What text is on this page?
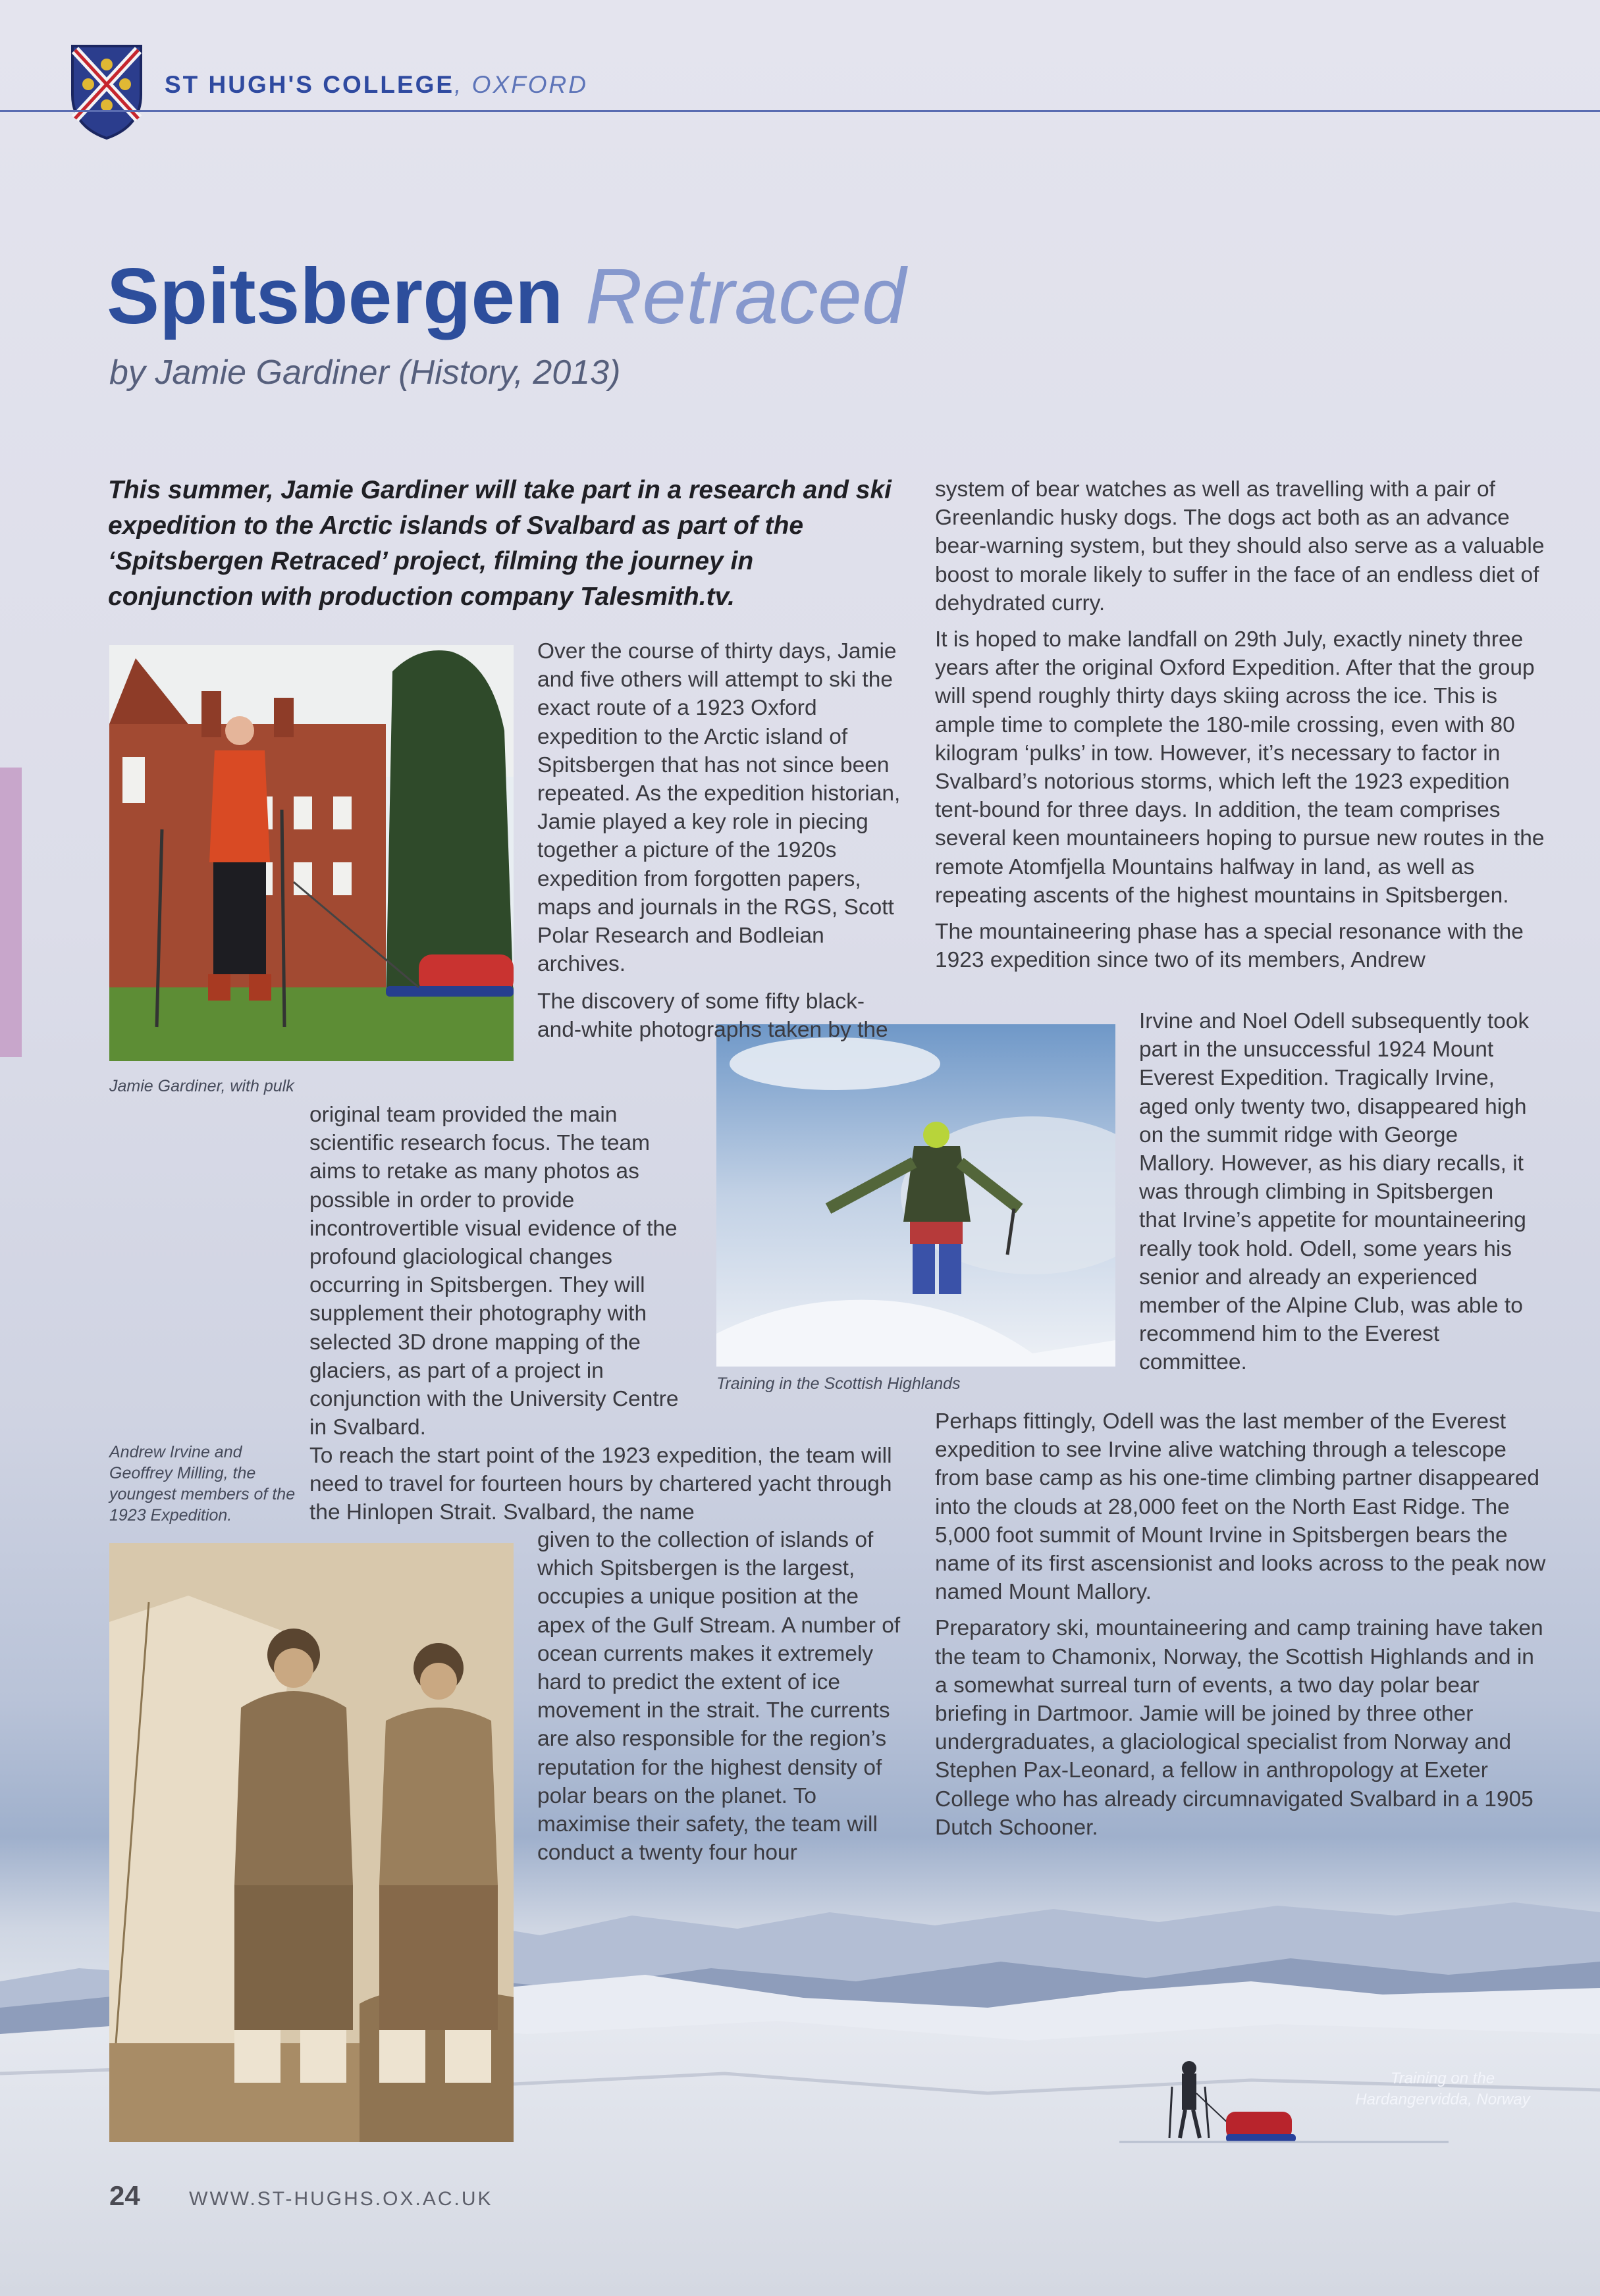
ST HUGH'S COLLEGE, OXFORD
Spitsbergen Retraced
by Jamie Gardiner (History, 2013)
This summer, Jamie Gardiner will take part in a research and ski expedition to the Arctic islands of Svalbard as part of the ‘Spitsbergen Retraced’ project, filming the journey in conjunction with production company Talesmith.tv.
Jamie Gardiner, with pulk
Training in the Scottish Highlands
Andrew Irvine and Geoffrey Milling, the youngest members of the 1923 Expedition.
Over the course of thirty days, Jamie and five others will attempt to ski the exact route of a 1923 Oxford expedition to the Arctic island of Spitsbergen that has not since been repeated. As the expedition historian, Jamie played a key role in piecing together a picture of the 1920s expedition from forgotten papers, maps and journals in the RGS, Scott Polar Research and Bodleian archives.
The discovery of some fifty black-and-white photographs taken by the
original team provided the main scientific research focus. The team aims to retake as many photos as possible in order to provide incontrovertible visual evidence of the profound glaciological changes occurring in Spitsbergen. They will supplement their photography with selected 3D drone mapping of the glaciers, as part of a project in conjunction with the University Centre in Svalbard.
To reach the start point of the 1923 expedition, the team will need to travel for fourteen hours by chartered yacht through the Hinlopen Strait. Svalbard, the name
given to the collection of islands of which Spitsbergen is the largest, occupies a unique position at the apex of the Gulf Stream. A number of ocean currents makes it extremely hard to predict the extent of ice movement in the strait. The currents are also responsible for the region’s reputation for the highest density of polar bears on the planet. To maximise their safety, the team will conduct a twenty four hour

system of bear watches as well as travelling with a pair of Greenlandic husky dogs. The dogs act both as an advance bear-warning system, but they should also serve as a valuable boost to morale likely to suffer in the face of an endless diet of dehydrated curry.

It is hoped to make landfall on 29th July, exactly ninety three years after the original Oxford Expedition. After that the group will spend roughly thirty days skiing across the ice. This is ample time to complete the 180-mile crossing, even with 80 kilogram ‘pulks’ in tow. However, it’s necessary to factor in Svalbard’s notorious storms, which left the 1923 expedition tent-bound for three days. In addition, the team comprises several keen mountaineers hoping to pursue new routes in the remote Atomfjella Mountains halfway in land, as well as repeating ascents of the highest mountains in Spitsbergen.

The mountaineering phase has a special resonance with the 1923 expedition since two of its members, Andrew

Irvine and Noel Odell subsequently took part in the unsuccessful 1924 Mount Everest Expedition. Tragically Irvine, aged only twenty two, disappeared high on the summit ridge with George Mallory. However, as his diary recalls, it was through climbing in Spitsbergen that Irvine’s appetite for mountaineering really took hold. Odell, some years his senior and already an experienced member of the Alpine Club, was able to recommend him to the Everest committee.

Perhaps fittingly, Odell was the last member of the Everest expedition to see Irvine alive watching through a telescope from base camp as his one-time climbing partner disappeared into the clouds at 28,000 feet on the North East Ridge. The 5,000 foot summit of Mount Irvine in Spitsbergen bears the name of its first ascensionist and looks across to the peak now named Mount Mallory.

Preparatory ski, mountaineering and camp training have taken the team to Chamonix, Norway, the Scottish Highlands and in a somewhat surreal turn of events, a two day polar bear briefing in Dartmoor. Jamie will be joined by three other undergraduates, a glaciological specialist from Norway and Stephen Pax-Leonard, a fellow in anthropology at Exeter College who has already circumnavigated Svalbard in a 1905 Dutch Schooner.

Training on the Hardangervidda, Norway
24 WWW.ST-HUGHS.OX.AC.UK
